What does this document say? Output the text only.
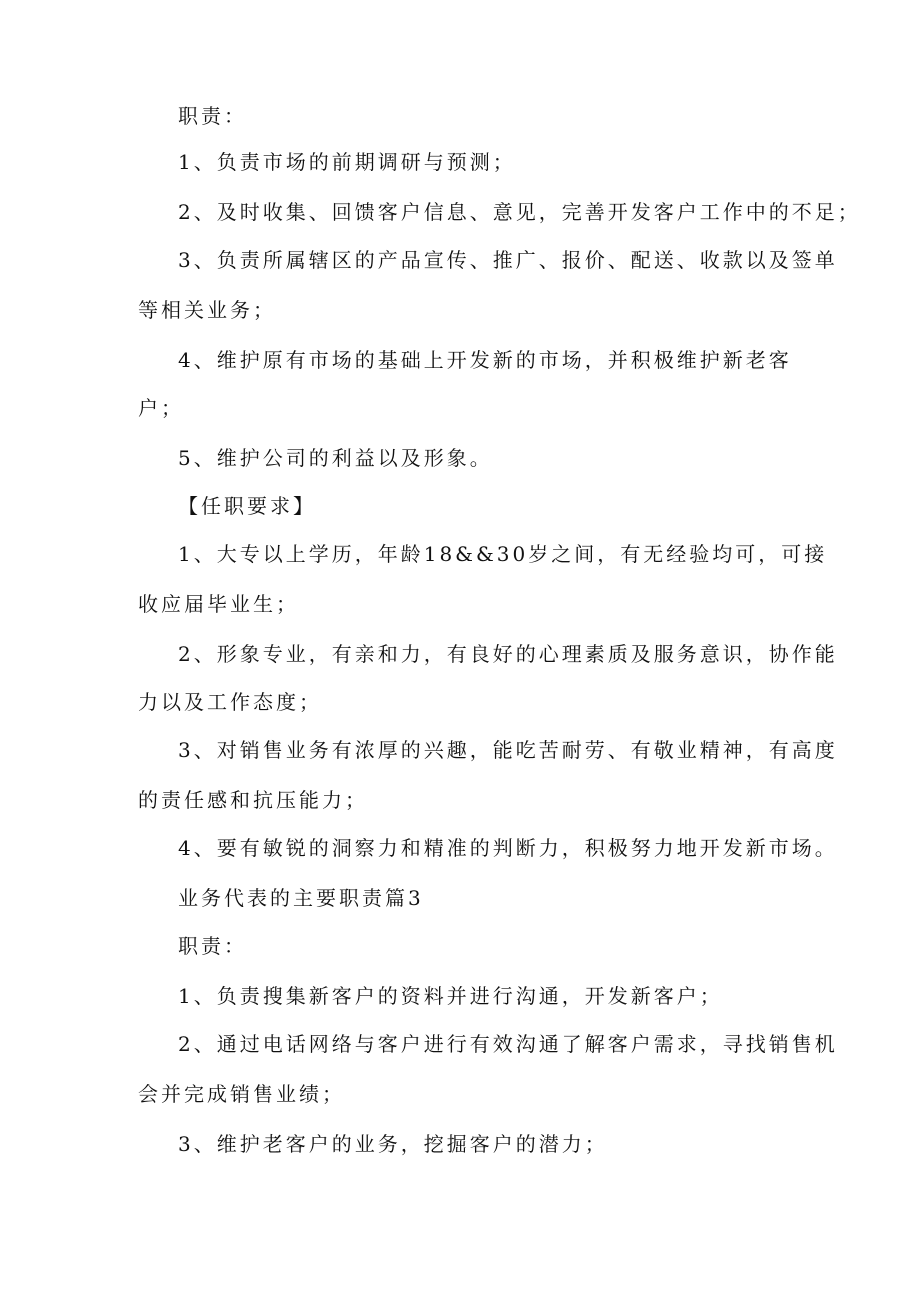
职责：
1、负责市场的前期调研与预测；
2、及时收集、回馈客户信息、意见，完善开发客户工作中的不足；
3、负责所属辖区的产品宣传、推广、报价、配送、收款以及签单
等相关业务；
4、维护原有市场的基础上开发新的市场，并积极维护新老客
户；
5、维护公司的利益以及形象。
【任职要求】
1、大专以上学历，年龄18&&30岁之间，有无经验均可，可接
收应届毕业生；
2、形象专业，有亲和力，有良好的心理素质及服务意识，协作能
力以及工作态度；
3、对销售业务有浓厚的兴趣，能吃苦耐劳、有敬业精神，有高度
的责任感和抗压能力；
4、要有敏锐的洞察力和精准的判断力，积极努力地开发新市场。
业务代表的主要职责篇3
职责：
1、负责搜集新客户的资料并进行沟通，开发新客户；
2、通过电话网络与客户进行有效沟通了解客户需求，寻找销售机
会并完成销售业绩；
3、维护老客户的业务，挖掘客户的潜力；
